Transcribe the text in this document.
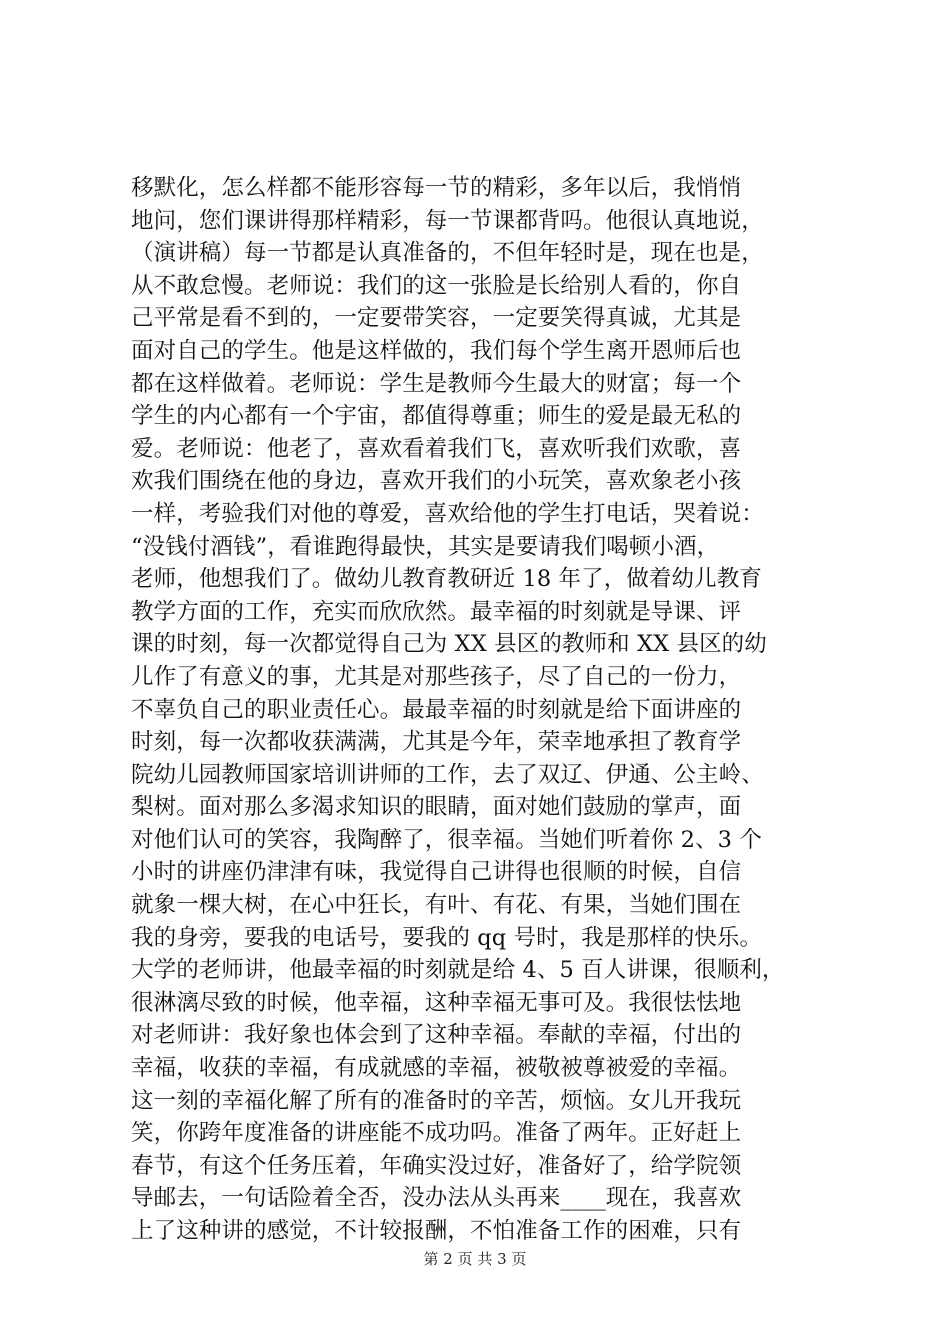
移默化，怎么样都不能形容每一节的精彩，多年以后，我悄悄
地问，您们课讲得那样精彩，每一节课都背吗。他很认真地说，
（演讲稿）每一节都是认真准备的，不但年轻时是，现在也是，
从不敢怠慢。老师说：我们的这一张脸是长给别人看的，你自
己平常是看不到的，一定要带笑容，一定要笑得真诚，尤其是
面对自己的学生。他是这样做的，我们每个学生离开恩师后也
都在这样做着。老师说：学生是教师今生最大的财富；每一个
学生的内心都有一个宇宙，都值得尊重；师生的爱是最无私的
爱。老师说：他老了，喜欢看着我们飞，喜欢听我们欢歌，喜
欢我们围绕在他的身边，喜欢开我们的小玩笑，喜欢象老小孩
一样，考验我们对他的尊爱，喜欢给他的学生打电话，哭着说：
“没钱付酒钱”，看谁跑得最快，其实是要请我们喝顿小酒，
老师，他想我们了。做幼儿教育教研近 18 年了，做着幼儿教育
教学方面的工作，充实而欣欣然。最幸福的时刻就是导课、评
课的时刻，每一次都觉得自己为 XX 县区的教师和 XX 县区的幼
儿作了有意义的事，尤其是对那些孩子，尽了自己的一份力，
不辜负自己的职业责任心。最最幸福的时刻就是给下面讲座的
时刻，每一次都收获满满，尤其是今年，荣幸地承担了教育学
院幼儿园教师国家培训讲师的工作，去了双辽、伊通、公主岭、
梨树。面对那么多渴求知识的眼睛，面对她们鼓励的掌声，面
对他们认可的笑容，我陶醉了，很幸福。当她们听着你 2、3 个
小时的讲座仍津津有味，我觉得自己讲得也很顺的时候，自信
就象一棵大树，在心中狂长，有叶、有花、有果，当她们围在
我的身旁，要我的电话号，要我的 qq 号时，我是那样的快乐。
大学的老师讲，他最幸福的时刻就是给 4、5 百人讲课，很顺利，
很淋漓尽致的时候，他幸福，这种幸福无事可及。我很怯怯地
对老师讲：我好象也体会到了这种幸福。奉献的幸福，付出的
幸福，收获的幸福，有成就感的幸福，被敬被尊被爱的幸福。
这一刻的幸福化解了所有的准备时的辛苦，烦恼。女儿开我玩
笑，你跨年度准备的讲座能不成功吗。准备了两年。正好赶上
春节，有这个任务压着，年确实没过好，准备好了，给学院领
导邮去，一句话险着全否，没办法从头再来____现在，我喜欢
上了这种讲的感觉，不计较报酬，不怕准备工作的困难，只有
第 2 页 共 3 页
